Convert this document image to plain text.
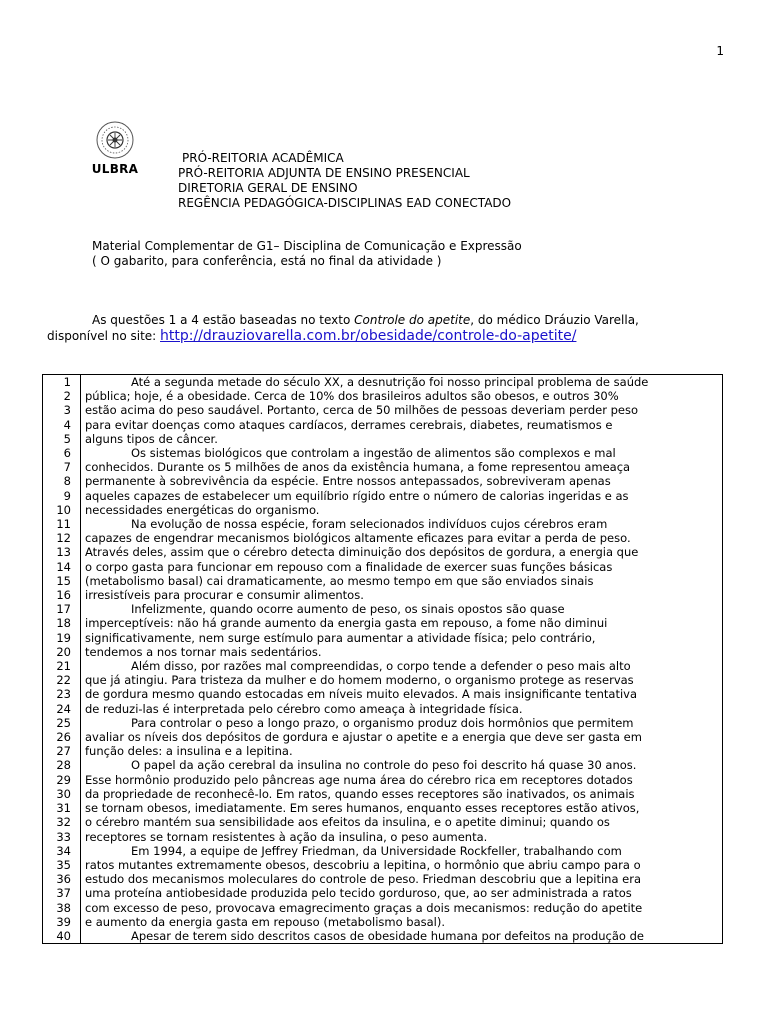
1
ULBRA
PRÓ-REITORIA ACADÊMICA
PRÓ-REITORIA ADJUNTA DE ENSINO PRESENCIAL
DIRETORIA GERAL DE ENSINO
REGÊNCIA PEDAGÓGICA-DISCIPLINAS EAD CONECTADO
Material Complementar de G1– Disciplina de Comunicação e Expressão
( O gabarito, para conferência, está no final da atividade )
As questões 1 a 4 estão baseadas no texto Controle do apetite, do médico Dráuzio Varella,
disponível no site: http://drauziovarella.com.br/obesidade/controle-do-apetite/
1	Até a segunda metade do século XX, a desnutrição foi nosso principal problema de saúde
2	pública; hoje, é a obesidade. Cerca de 10% dos brasileiros adultos são obesos, e outros 30%
3	estão acima do peso saudável. Portanto, cerca de 50 milhões de pessoas deveriam perder peso
4	para evitar doenças como ataques cardíacos, derrames cerebrais, diabetes, reumatismos e
5	alguns tipos de câncer.
6	Os sistemas biológicos que controlam a ingestão de alimentos são complexos e mal
7	conhecidos. Durante os 5 milhões de anos da existência humana, a fome representou ameaça
8	permanente à sobrevivência da espécie. Entre nossos antepassados, sobreviveram apenas
9	aqueles capazes de estabelecer um equilíbrio rígido entre o número de calorias ingeridas e as
10	necessidades energéticas do organismo.
11	Na evolução de nossa espécie, foram selecionados indivíduos cujos cérebros eram
12	capazes de engendrar mecanismos biológicos altamente eficazes para evitar a perda de peso.
13	Através deles, assim que o cérebro detecta diminuição dos depósitos de gordura, a energia que
14	o corpo gasta para funcionar em repouso com a finalidade de exercer suas funções básicas
15	(metabolismo basal) cai dramaticamente, ao mesmo tempo em que são enviados sinais
16	irresistíveis para procurar e consumir alimentos.
17	Infelizmente, quando ocorre aumento de peso, os sinais opostos são quase
18	imperceptíveis: não há grande aumento da energia gasta em repouso, a fome não diminui
19	significativamente, nem surge estímulo para aumentar a atividade física; pelo contrário,
20	tendemos a nos tornar mais sedentários.
21	Além disso, por razões mal compreendidas, o corpo tende a defender o peso mais alto
22	que já atingiu. Para tristeza da mulher e do homem moderno, o organismo protege as reservas
23	de gordura mesmo quando estocadas em níveis muito elevados. A mais insignificante tentativa
24	de reduzi-las é interpretada pelo cérebro como ameaça à integridade física.
25	Para controlar o peso a longo prazo, o organismo produz dois hormônios que permitem
26	avaliar os níveis dos depósitos de gordura e ajustar o apetite e a energia que deve ser gasta em
27	função deles: a insulina e a lepitina.
28	O papel da ação cerebral da insulina no controle do peso foi descrito há quase 30 anos.
29	Esse hormônio produzido pelo pâncreas age numa área do cérebro rica em receptores dotados
30	da propriedade de reconhecê-lo. Em ratos, quando esses receptores são inativados, os animais
31	se tornam obesos, imediatamente. Em seres humanos, enquanto esses receptores estão ativos,
32	o cérebro mantém sua sensibilidade aos efeitos da insulina, e o apetite diminui; quando os
33	receptores se tornam resistentes à ação da insulina, o peso aumenta.
34	Em 1994, a equipe de Jeffrey Friedman, da Universidade Rockfeller, trabalhando com
35	ratos mutantes extremamente obesos, descobriu a lepitina, o hormônio que abriu campo para o
36	estudo dos mecanismos moleculares do controle de peso. Friedman descobriu que a lepitina era
37	uma proteína antiobesidade produzida pelo tecido gorduroso, que, ao ser administrada a ratos
38	com excesso de peso, provocava emagrecimento graças a dois mecanismos: redução do apetite
39	e aumento da energia gasta em repouso (metabolismo basal).
40	Apesar de terem sido descritos casos de obesidade humana por defeitos na produção de
